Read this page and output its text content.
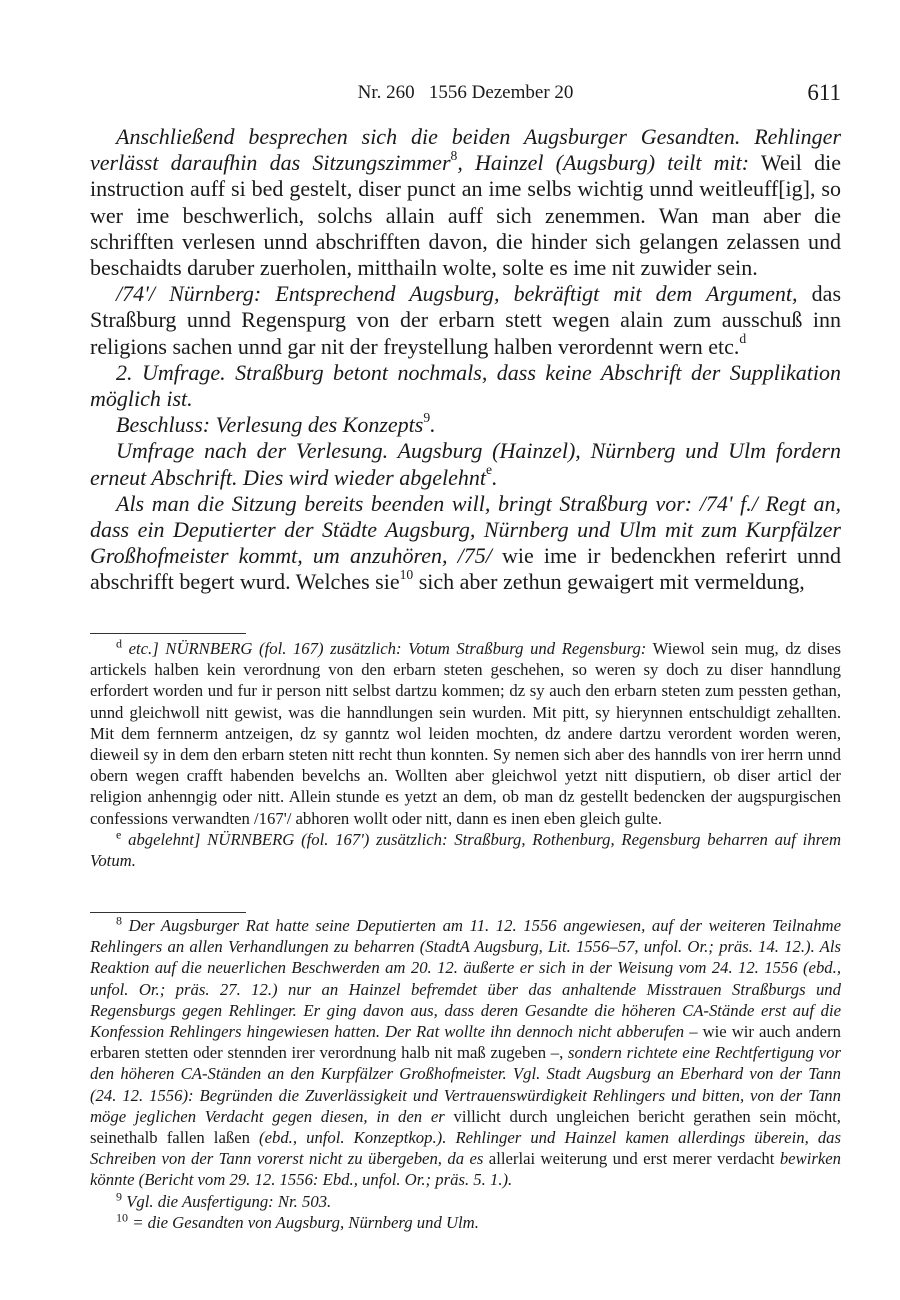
Nr. 260   1556 Dezember 20	611

Anschließend besprechen sich die beiden Augsburger Gesandten. Rehlinger verlässt daraufhin das Sitzungszimmer$^8$, Hainzel (Augsburg) teilt mit: Weil die instruction auff si bed gestelt, diser punct an ime selbs wichtig unnd weitleuff[ig], so wer ime beschwerlich, solchs allain auff sich zenemmen. Wan man aber die schrifften verlesen unnd abschrifften davon, die hinder sich gelangen zelassen und beschaidts daruber zuerholen, mitthailn wolte, solte es ime nit zuwider sein.

/74'/ Nürnberg: Entsprechend Augsburg, bekräftigt mit dem Argument, das Straßburg unnd Regenspurg von der erbarn stett wegen alain zum ausschuß inn religions sachen unnd gar nit der freystellung halben verordennt wern etc.$^d$

2. Umfrage. Straßburg betont nochmals, dass keine Abschrift der Supplikation möglich ist.

Beschluss: Verlesung des Konzepts$^9$.

Umfrage nach der Verlesung. Augsburg (Hainzel), Nürnberg und Ulm fordern erneut Abschrift. Dies wird wieder abgelehnt$^e$.

Als man die Sitzung bereits beenden will, bringt Straßburg vor: /74' f./ Regt an, dass ein Deputierter der Städte Augsburg, Nürnberg und Ulm mit zum Kurpfälzer Großhofmeister kommt, um anzuhören, /75/ wie ime ir bedenckhen referirt unnd abschrifft begert wurd. Welches sie$^{10}$ sich aber zethun gewaigert mit vermeldung,

$^d$ etc.] NÜRNBERG (fol. 167) zusätzlich: Votum Straßburg und Regensburg: Wiewol sein mug, dz dises artickels halben kein verordnung von den erbarn steten geschehen, so weren sy doch zu diser hanndlung erfordert worden und fur ir person nitt selbst dartzu kommen; dz sy auch den erbarn steten zum pessten gethan, unnd gleichwoll nitt gewist, was die hanndlungen sein wurden. Mit pitt, sy hierynnen entschuldigt zehallten. Mit dem fernnerm antzeigen, dz sy ganntz wol leiden mochten, dz andere dartzu verordent worden weren, dieweil sy in dem den erbarn steten nitt recht thun konnten. Sy nemen sich aber des hanndls von irer herrn unnd obern wegen crafft habenden bevelchs an. Wollten aber gleichwol yetzt nitt disputiern, ob diser articl der religion anhenngig oder nitt. Allein stunde es yetzt an dem, ob man dz gestellt bedencken der augspurgischen confessions verwandten /167'/ abhoren wollt oder nitt, dann es inen eben gleich gulte.

$^e$ abgelehnt] NÜRNBERG (fol. 167') zusätzlich: Straßburg, Rothenburg, Regensburg beharren auf ihrem Votum.

$^8$ Der Augsburger Rat hatte seine Deputierten am 11. 12. 1556 angewiesen, auf der weiteren Teilnahme Rehlingers an allen Verhandlungen zu beharren (StadtA Augsburg, Lit. 1556–57, unfol. Or.; präs. 14. 12.). Als Reaktion auf die neuerlichen Beschwerden am 20. 12. äußerte er sich in der Weisung vom 24. 12. 1556 (ebd., unfol. Or.; präs. 27. 12.) nur an Hainzel befremdet über das anhaltende Misstrauen Straßburgs und Regensburgs gegen Rehlinger. Er ging davon aus, dass deren Gesandte die höheren CA-Stände erst auf die Konfession Rehlingers hingewiesen hatten. Der Rat wollte ihn dennoch nicht abberufen – wie wir auch andern erbaren stetten oder stennden irer verordnung halb nit maß zugeben –, sondern richtete eine Rechtfertigung vor den höheren CA-Ständen an den Kurpfälzer Großhofmeister. Vgl. Stadt Augsburg an Eberhard von der Tann (24. 12. 1556): Begründen die Zuverlässigkeit und Vertrauenswürdigkeit Rehlingers und bitten, von der Tann möge jeglichen Verdacht gegen diesen, in den er villicht durch ungleichen bericht gerathen sein möcht, seinethalb fallen laßen (ebd., unfol. Konzeptkop.). Rehlinger und Hainzel kamen allerdings überein, das Schreiben von der Tann vorerst nicht zu übergeben, da es allerlai weiterung und erst merer verdacht bewirken könnte (Bericht vom 29. 12. 1556: Ebd., unfol. Or.; präs. 5. 1.).

$^9$ Vgl. die Ausfertigung: Nr. 503.

$^{10}$ = die Gesandten von Augsburg, Nürnberg und Ulm.
